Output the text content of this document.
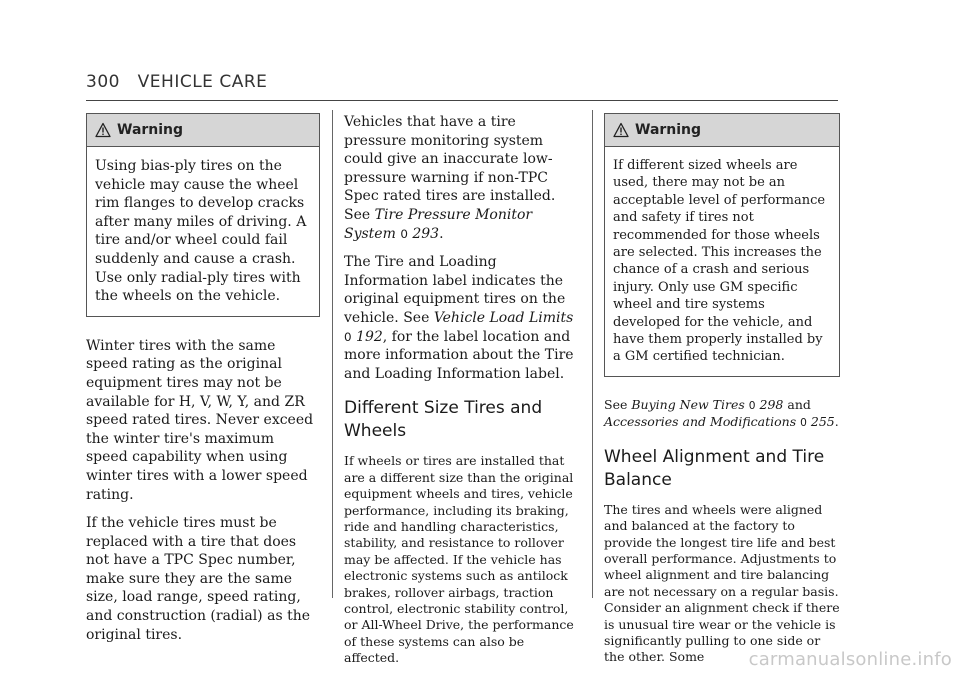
300 VEHICLE CARE
Warning

Using bias-ply tires on the vehicle may cause the wheel rim flanges to develop cracks after many miles of driving. A tire and/or wheel could fail suddenly and cause a crash. Use only radial-ply tires with the wheels on the vehicle.

Winter tires with the same speed rating as the original equipment tires may not be available for H, V, W, Y, and ZR speed rated tires. Never exceed the winter tire's maximum speed capability when using winter tires with a lower speed rating.

If the vehicle tires must be replaced with a tire that does not have a TPC Spec number, make sure they are the same size, load range, speed rating, and construction (radial) as the original tires.

Vehicles that have a tire pressure monitoring system could give an inaccurate low-pressure warning if non-TPC Spec rated tires are installed. See Tire Pressure Monitor System 0 293.

The Tire and Loading Information label indicates the original equipment tires on the vehicle. See Vehicle Load Limits 0 192, for the label location and more information about the Tire and Loading Information label.

Different Size Tires and Wheels

If wheels or tires are installed that are a different size than the original equipment wheels and tires, vehicle performance, including its braking, ride and handling characteristics, stability, and resistance to rollover may be affected. If the vehicle has electronic systems such as antilock brakes, rollover airbags, traction control, electronic stability control, or All-Wheel Drive, the performance of these systems can also be affected.

Warning

If different sized wheels are used, there may not be an acceptable level of performance and safety if tires not recommended for those wheels are selected. This increases the chance of a crash and serious injury. Only use GM specific wheel and tire systems developed for the vehicle, and have them properly installed by a GM certified technician.

See Buying New Tires 0 298 and
Accessories and Modifications 0 255.

Wheel Alignment and Tire Balance

The tires and wheels were aligned and balanced at the factory to provide the longest tire life and best overall performance. Adjustments to wheel alignment and tire balancing are not necessary on a regular basis. Consider an alignment check if there is unusual tire wear or the vehicle is significantly pulling to one side or the other. Some	carmanualsonline.info
